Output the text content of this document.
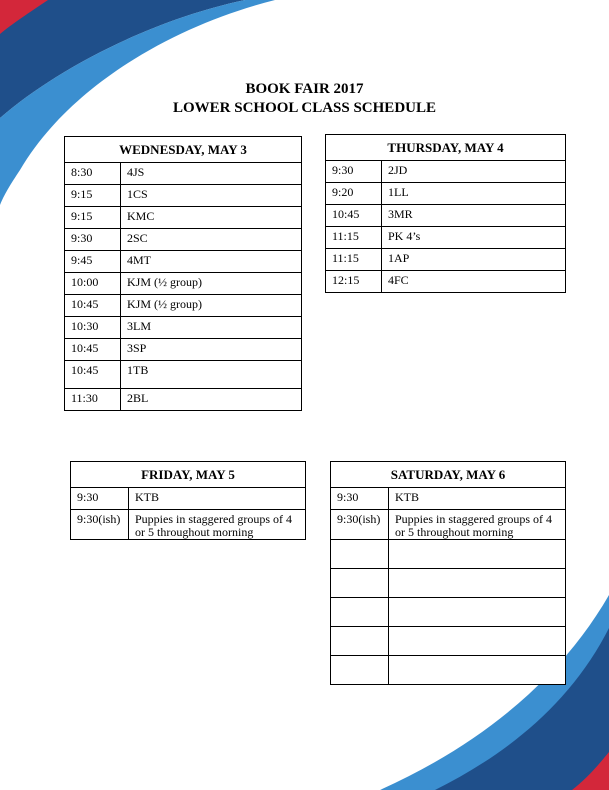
BOOK FAIR 2017
LOWER SCHOOL CLASS SCHEDULE
WEDNESDAY, MAY 3	
8:30	4JS
9:15	1CS
9:15	KMC
9:30	2SC
9:45	4MT
10:00	KJM (½ group)
10:45	KJM (½ group)
10:30	3LM
10:45	3SP
10:45	1TB
11:30	2BL
THURSDAY, MAY 4	
9:30	2JD
9:20	1LL
10:45	3MR
11:15	PK 4’s
11:15	1AP
12:15	4FC
FRIDAY, MAY 5	
9:30	KTB
9:30(ish)	Puppies in staggered groups of 4 or 5 throughout morning
SATURDAY, MAY 6	
9:30	KTB
9:30(ish)	Puppies in staggered groups of 4 or 5 throughout morning
